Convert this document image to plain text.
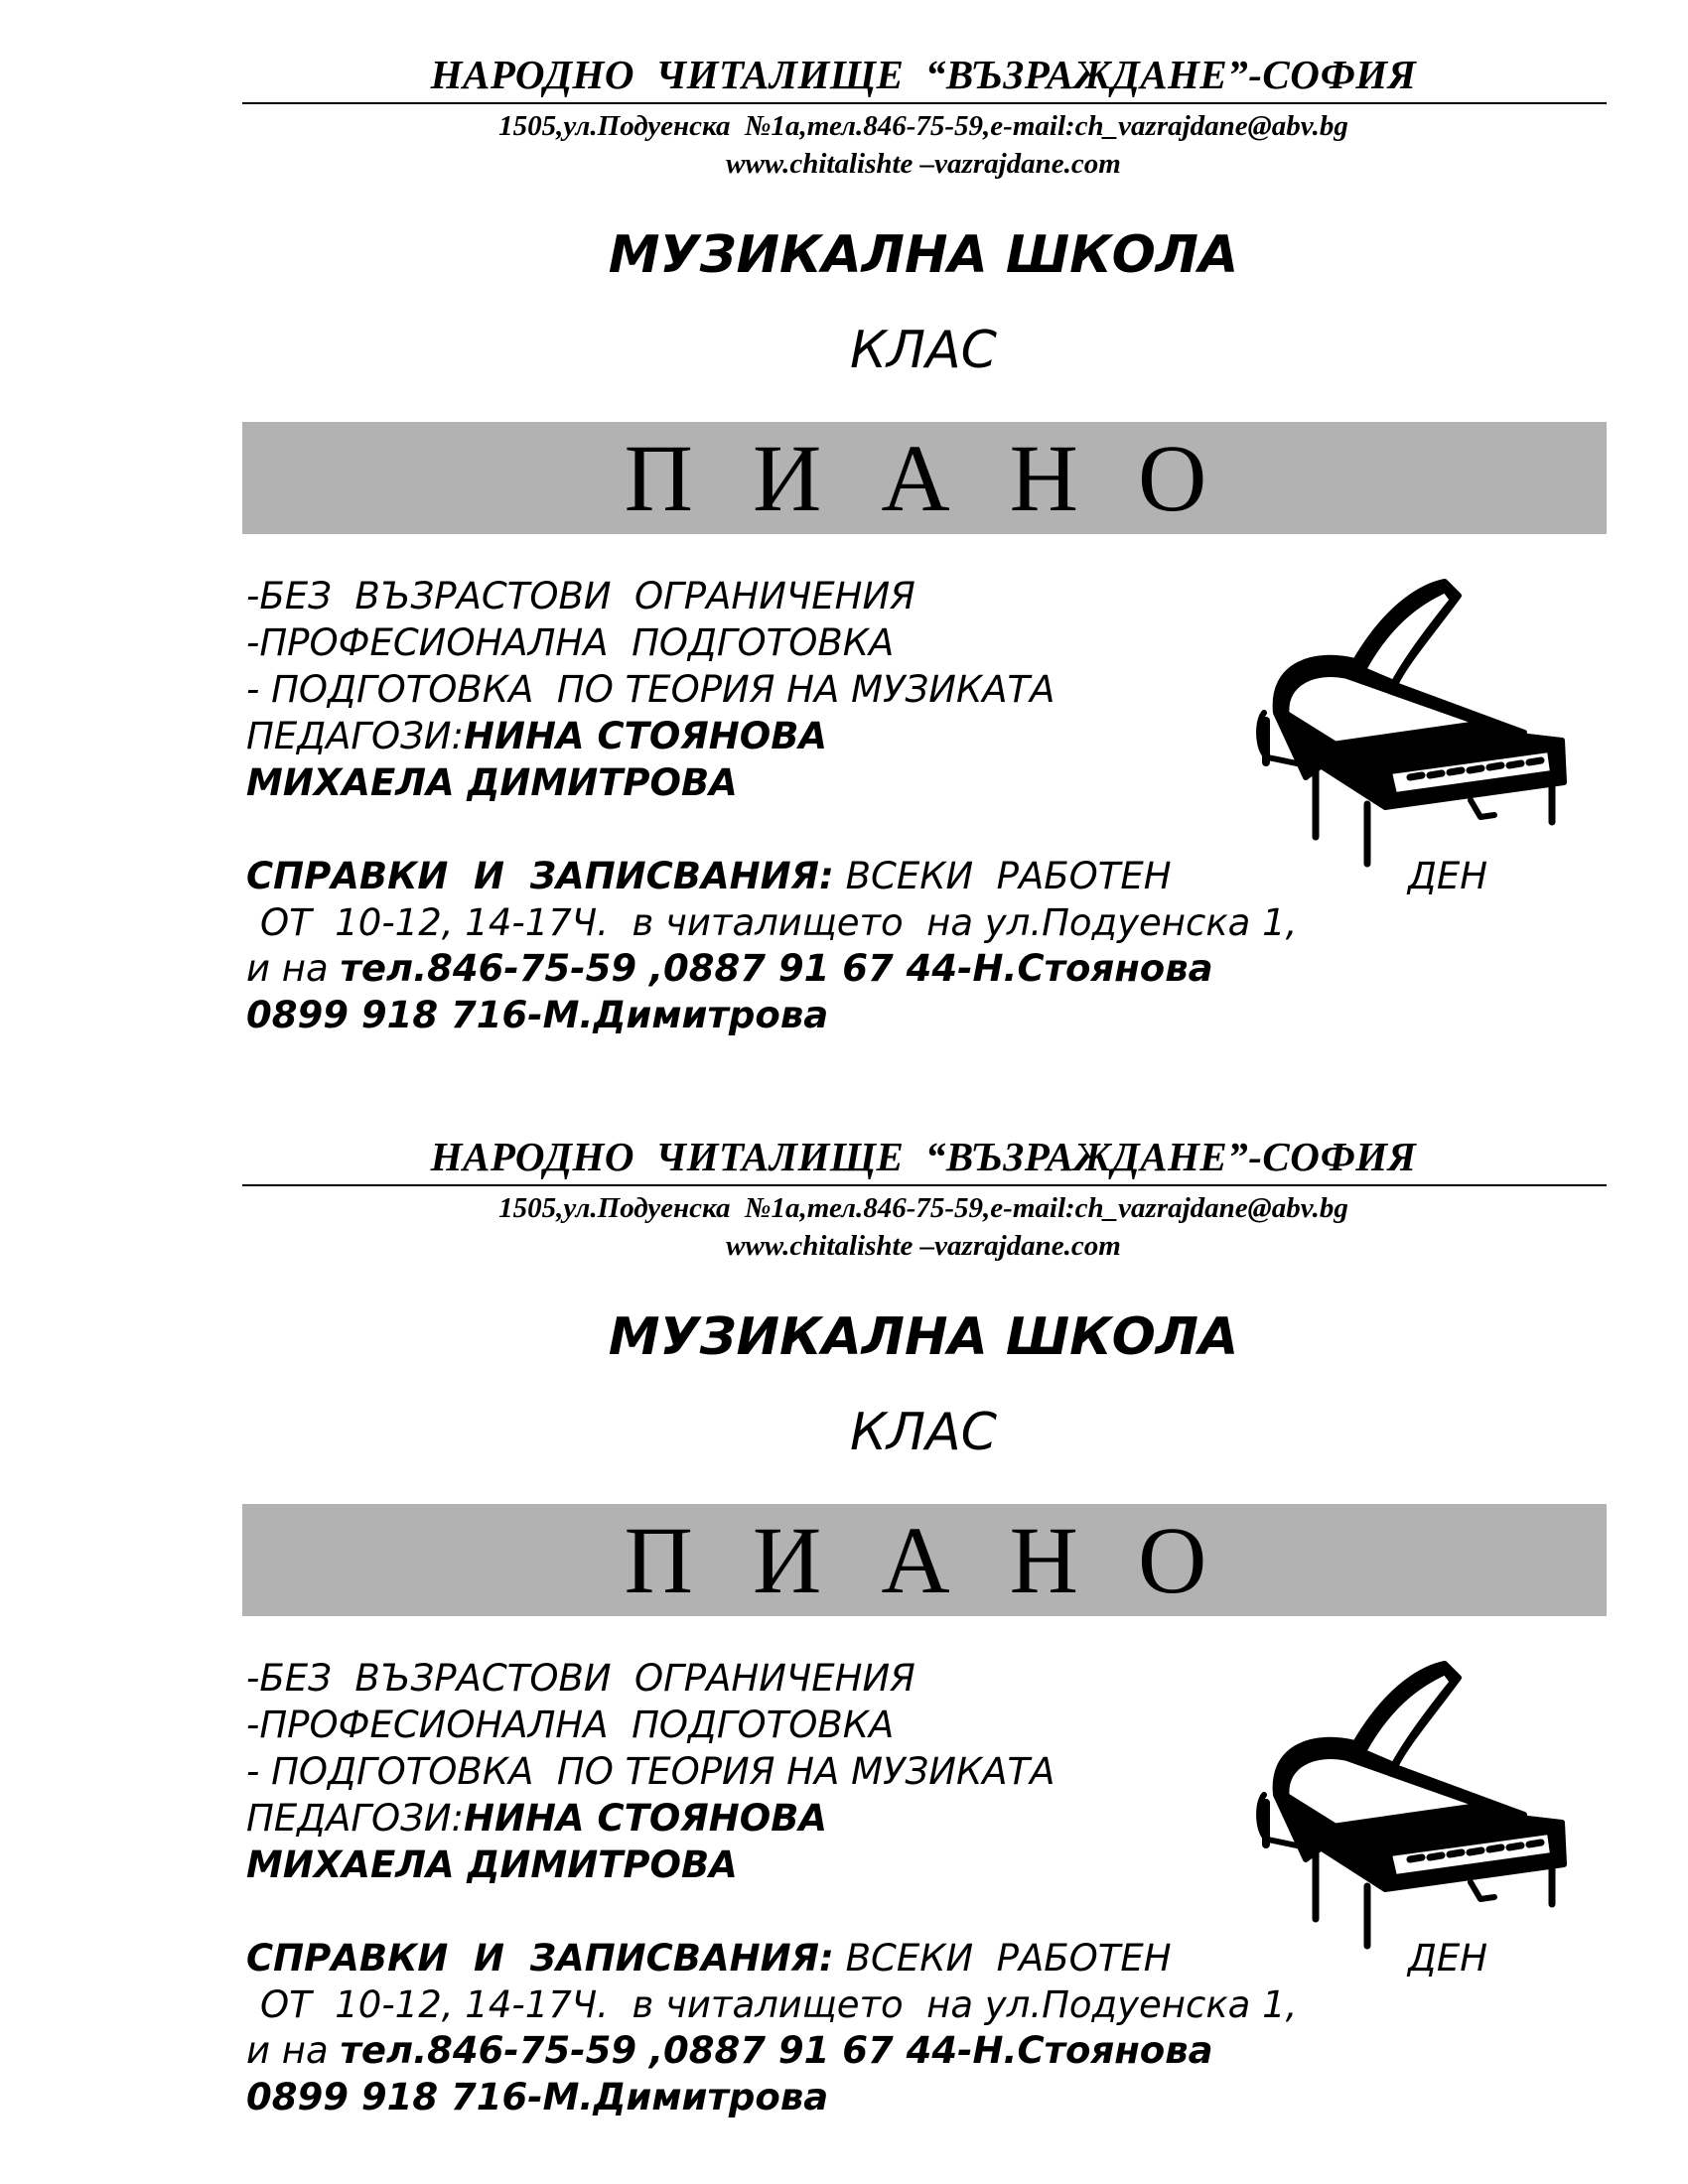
НАРОДНО  ЧИТАЛИЩЕ  “ВЪЗРАЖДАНЕ”-СОФИЯ
1505,ул.Подуенска  №1а,тел.846-75-59,e-mail:ch_vazrajdane@abv.bg
www.chitalishte –vazrajdane.com
МУЗИКАЛНА ШКОЛА
КЛАС
П И А Н О
-БЕЗ  ВЪЗРАСТОВИ  ОГРАНИЧЕНИЯ
-ПРОФЕСИОНАЛНА  ПОДГОТОВКА
- ПОДГОТОВКА  ПО ТЕОРИЯ НА МУЗИКАТА
ПЕДАГОЗИ:НИНА СТОЯНОВА
МИХАЕЛА ДИМИТРОВА
СПРАВКИ  И  ЗАПИСВАНИЯ: ВСЕКИ  РАБОТЕН	ДЕН
ОТ  10-12, 14-17Ч.  в читалището  на ул.Подуенска 1,
и на тел.846-75-59 ,0887 91 67 44-Н.Стоянова
0899 918 716-М.Димитрова
НАРОДНО  ЧИТАЛИЩЕ  “ВЪЗРАЖДАНЕ”-СОФИЯ
1505,ул.Подуенска  №1а,тел.846-75-59,e-mail:ch_vazrajdane@abv.bg
www.chitalishte –vazrajdane.com
МУЗИКАЛНА ШКОЛА
КЛАС
П И А Н О
-БЕЗ  ВЪЗРАСТОВИ  ОГРАНИЧЕНИЯ
-ПРОФЕСИОНАЛНА  ПОДГОТОВКА
- ПОДГОТОВКА  ПО ТЕОРИЯ НА МУЗИКАТА
ПЕДАГОЗИ:НИНА СТОЯНОВА
МИХАЕЛА ДИМИТРОВА
СПРАВКИ  И  ЗАПИСВАНИЯ: ВСЕКИ  РАБОТЕН	ДЕН
ОТ  10-12, 14-17Ч.  в читалището  на ул.Подуенска 1,
и на тел.846-75-59 ,0887 91 67 44-Н.Стоянова
0899 918 716-М.Димитрова
